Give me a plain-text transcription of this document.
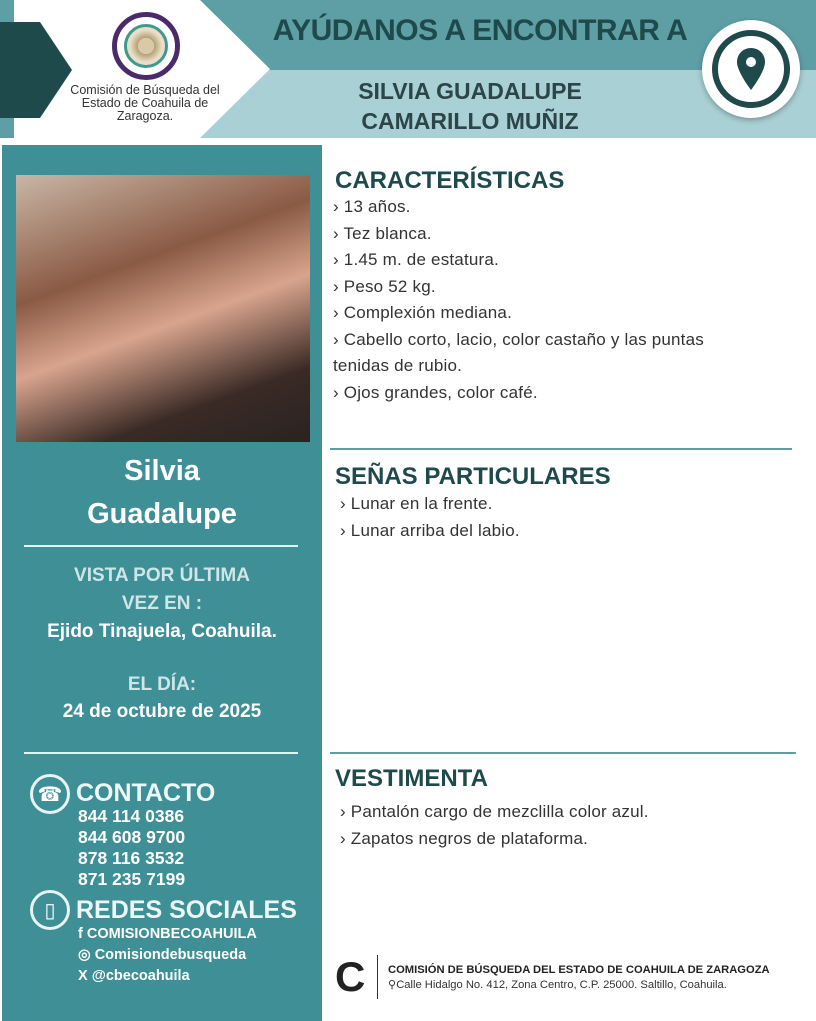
Comisión de Búsqueda del Estado de Coahuila de Zaragoza.
AYÚDANOS A ENCONTRAR A
SILVIA GUADALUPE
CAMARILLO MUÑIZ
Silvia
Guadalupe
VISTA POR ÚLTIMA
VEZ EN :
Ejido Tinajuela, Coahuila.
EL DÍA:
24 de octubre de 2025
☎ CONTACTO
844 114 0386
844 608 9700
878 116 3532
871 235 7199
▯ REDES SOCIALES
f COMISIONBECOAHUILA
◎ Comisiondebusqueda
X @cbecoahuila
CARACTERÍSTICAS
› 13 años.
› Tez blanca.
› 1.45 m. de estatura.
› Peso 52 kg.
› Complexión mediana.
› Cabello corto, lacio, color castaño y las puntas tenidas de rubio.
› Ojos grandes, color café.
SEÑAS PARTICULARES
› Lunar en la frente.
› Lunar arriba del labio.
VESTIMENTA
› Pantalón cargo de mezclilla color azul.
› Zapatos negros de plataforma.
C	COMISIÓN DE BÚSQUEDA DEL ESTADO DE COAHUILA DE ZARAGOZA
⚲Calle Hidalgo No. 412, Zona Centro, C.P. 25000. Saltillo, Coahuila.
